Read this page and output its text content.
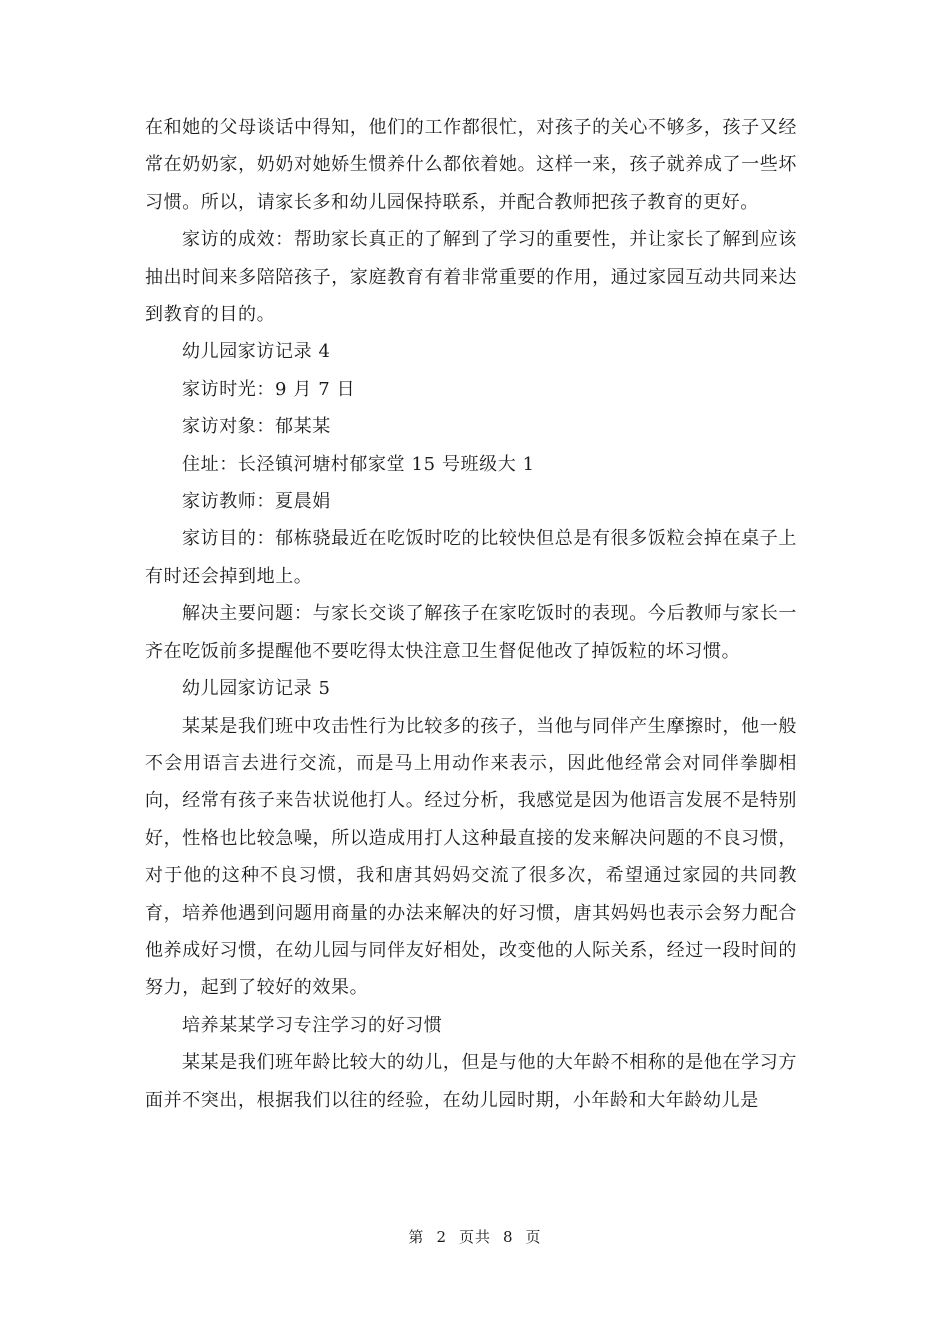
在和她的父母谈话中得知，他们的工作都很忙，对孩子的关心不够多，孩子又经常在奶奶家，奶奶对她娇生惯养什么都依着她。这样一来，孩子就养成了一些坏习惯。所以，请家长多和幼儿园保持联系，并配合教师把孩子教育的更好。

家访的成效：帮助家长真正的了解到了学习的重要性，并让家长了解到应该抽出时间来多陪陪孩子，家庭教育有着非常重要的作用，通过家园互动共同来达到教育的目的。

幼儿园家访记录 4

家访时光：9 月 7 日

家访对象：郁某某

住址：长泾镇河塘村郁家堂 15 号班级大 1

家访教师：夏晨娟

家访目的：郁栋骁最近在吃饭时吃的比较快但总是有很多饭粒会掉在桌子上有时还会掉到地上。

解决主要问题：与家长交谈了解孩子在家吃饭时的表现。今后教师与家长一齐在吃饭前多提醒他不要吃得太快注意卫生督促他改了掉饭粒的坏习惯。

幼儿园家访记录 5

某某是我们班中攻击性行为比较多的孩子，当他与同伴产生摩擦时，他一般不会用语言去进行交流，而是马上用动作来表示，因此他经常会对同伴拳脚相向，经常有孩子来告状说他打人。经过分析，我感觉是因为他语言发展不是特别好，性格也比较急噪，所以造成用打人这种最直接的发来解决问题的不良习惯，对于他的这种不良习惯，我和唐其妈妈交流了很多次，希望通过家园的共同教育，培养他遇到问题用商量的办法来解决的好习惯，唐其妈妈也表示会努力配合他养成好习惯，在幼儿园与同伴友好相处，改变他的人际关系，经过一段时间的努力，起到了较好的效果。

培养某某学习专注学习的好习惯

某某是我们班年龄比较大的幼儿，但是与他的大年龄不相称的是他在学习方面并不突出，根据我们以往的经验，在幼儿园时期，小年龄和大年龄幼儿是

第 2 页共 8 页
